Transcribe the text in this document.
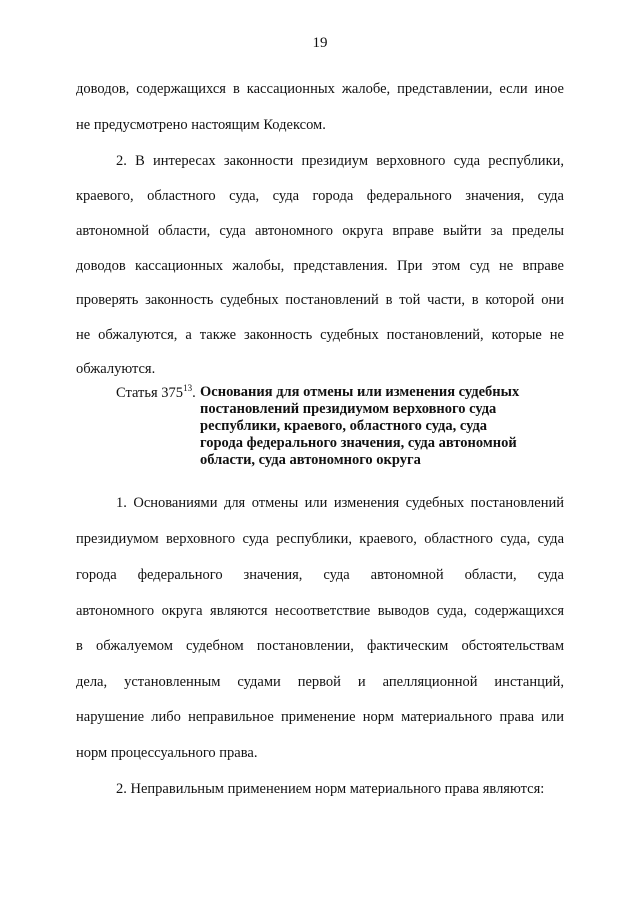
19
доводов, содержащихся в кассационных жалобе, представлении, если иное
не предусмотрено настоящим Кодексом.
2. В интересах законности президиум верховного суда республики,
краевого, областного суда, суда города федерального значения, суда
автономной области, суда автономного округа вправе выйти за пределы
доводов кассационных жалобы, представления. При этом суд не вправе
проверять законность судебных постановлений в той части, в которой они
не обжалуются, а также законность судебных постановлений, которые не
обжалуются.
Статья $375^{13}$. Основания для отмены или изменения судебных
постановлений президиумом верховного суда
республики, краевого, областного суда, суда
города федерального значения, суда автономной
области, суда автономного округа
1. Основаниями для отмены или изменения судебных постановлений
президиумом верховного суда республики, краевого, областного суда, суда
города федерального значения, суда автономной области, суда
автономного округа являются несоответствие выводов суда, содержащихся
в обжалуемом судебном постановлении, фактическим обстоятельствам
дела, установленным судами первой и апелляционной инстанций,
нарушение либо неправильное применение норм материального права или
норм процессуального права.
2. Неправильным применением норм материального права являются:
